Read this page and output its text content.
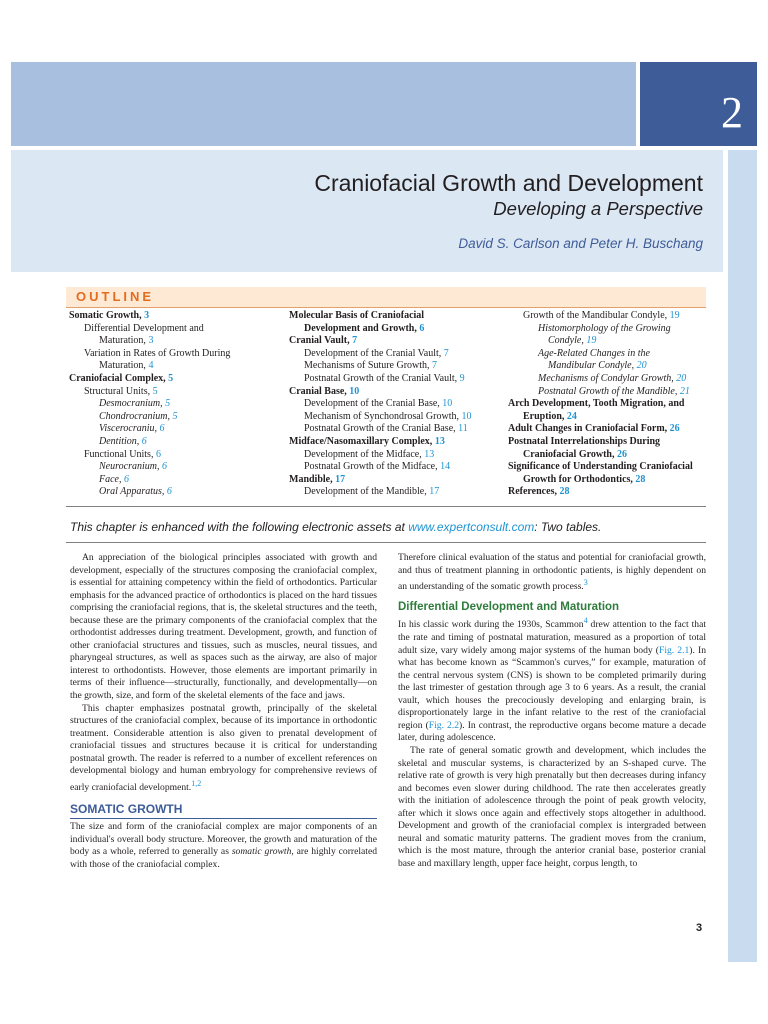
2
Craniofacial Growth and Development
Developing a Perspective
David S. Carlson and Peter H. Buschang
OUTLINE
Somatic Growth, 3
Differential Development and
Maturation, 3
Variation in Rates of Growth During
Maturation, 4
Craniofacial Complex, 5
Structural Units, 5
Desmocranium, 5
Chondrocranium, 5
Viscerocraniu, 6
Dentition, 6
Functional Units, 6
Neurocranium, 6
Face, 6
Oral Apparatus, 6
Molecular Basis of Craniofacial
Development and Growth, 6
Cranial Vault, 7
Development of the Cranial Vault, 7
Mechanisms of Suture Growth, 7
Postnatal Growth of the Cranial Vault, 9
Cranial Base, 10
Development of the Cranial Base, 10
Mechanism of Synchondrosal Growth, 10
Postnatal Growth of the Cranial Base, 11
Midface/Nasomaxillary Complex, 13
Development of the Midface, 13
Postnatal Growth of the Midface, 14
Mandible, 17
Development of the Mandible, 17
Growth of the Mandibular Condyle, 19
Histomorphology of the Growing
Condyle, 19
Age-Related Changes in the
Mandibular Condyle, 20
Mechanisms of Condylar Growth, 20
Postnatal Growth of the Mandible, 21
Arch Development, Tooth Migration, and
Eruption, 24
Adult Changes in Craniofacial Form, 26
Postnatal Interrelationships During
Craniofacial Growth, 26
Significance of Understanding Craniofacial
Growth for Orthodontics, 28
References, 28
This chapter is enhanced with the following electronic assets at www.expertconsult.com: Two tables.

An appreciation of the biological principles associated with growth and development, especially of the structures composing the craniofacial complex, is essential for attaining competency within the field of orthodontics. Particular emphasis for the advanced practice of orthodontics is placed on the hard tissues comprising the craniofacial regions, that is, the skeletal structures and the teeth, because these are the primary components of the craniofacial complex that the orthodontist addresses during treatment. Development, growth, and function of other craniofacial structures and tissues, such as muscles, neural tissues, and pharyngeal structures, as well as spaces such as the airway, are also of major interest to orthodontists. However, those elements are important primarily in terms of their influence—structurally, functionally, and developmentally—on the growth, size, and form of the skeletal elements of the face and jaws.

This chapter emphasizes postnatal growth, principally of the skeletal structures of the craniofacial complex, because of its importance in orthodontic treatment. Considerable attention is also given to prenatal development of craniofacial tissues and structures because it is critical for understanding postnatal growth. The reader is referred to a number of excellent references on developmental biology and human embryology for comprehensive reviews of early craniofacial development.$^{1,2}$

SOMATIC GROWTH

The size and form of the craniofacial complex are major components of an individual's overall body structure. Moreover, the growth and maturation of the body as a whole, referred to generally as somatic growth, are highly correlated with those of the craniofacial complex.

Therefore clinical evaluation of the status and potential for craniofacial growth, and thus of treatment planning in orthodontic patients, is highly dependent on an understanding of the somatic growth process.$^3$

Differential Development and Maturation

In his classic work during the 1930s, Scammon$^4$ drew attention to the fact that the rate and timing of postnatal maturation, measured as a proportion of total adult size, vary widely among major systems of the human body (Fig. 2.1). In what has become known as “Scammon's curves,” for example, maturation of the central nervous system (CNS) is shown to be completed primarily during the last trimester of gestation through age 3 to 6 years. As a result, the cranial vault, which houses the precociously developing and enlarging brain, is disproportionately large in the infant relative to the rest of the craniofacial region (Fig. 2.2). In contrast, the reproductive organs become mature a decade later, during adolescence.

The rate of general somatic growth and development, which includes the skeletal and muscular systems, is characterized by an S-shaped curve. The relative rate of growth is very high prenatally but then decreases during infancy and becomes even slower during childhood. The rate then accelerates greatly with the initiation of adolescence through the point of peak growth velocity, after which it slows once again and effectively stops altogether in adulthood. Development and growth of the craniofacial complex is intergraded between neural and somatic maturity patterns. The gradient moves from the cranium, which is the most mature, through the anterior cranial base, posterior cranial base and maxillary length, upper face height, corpus length, to

3
